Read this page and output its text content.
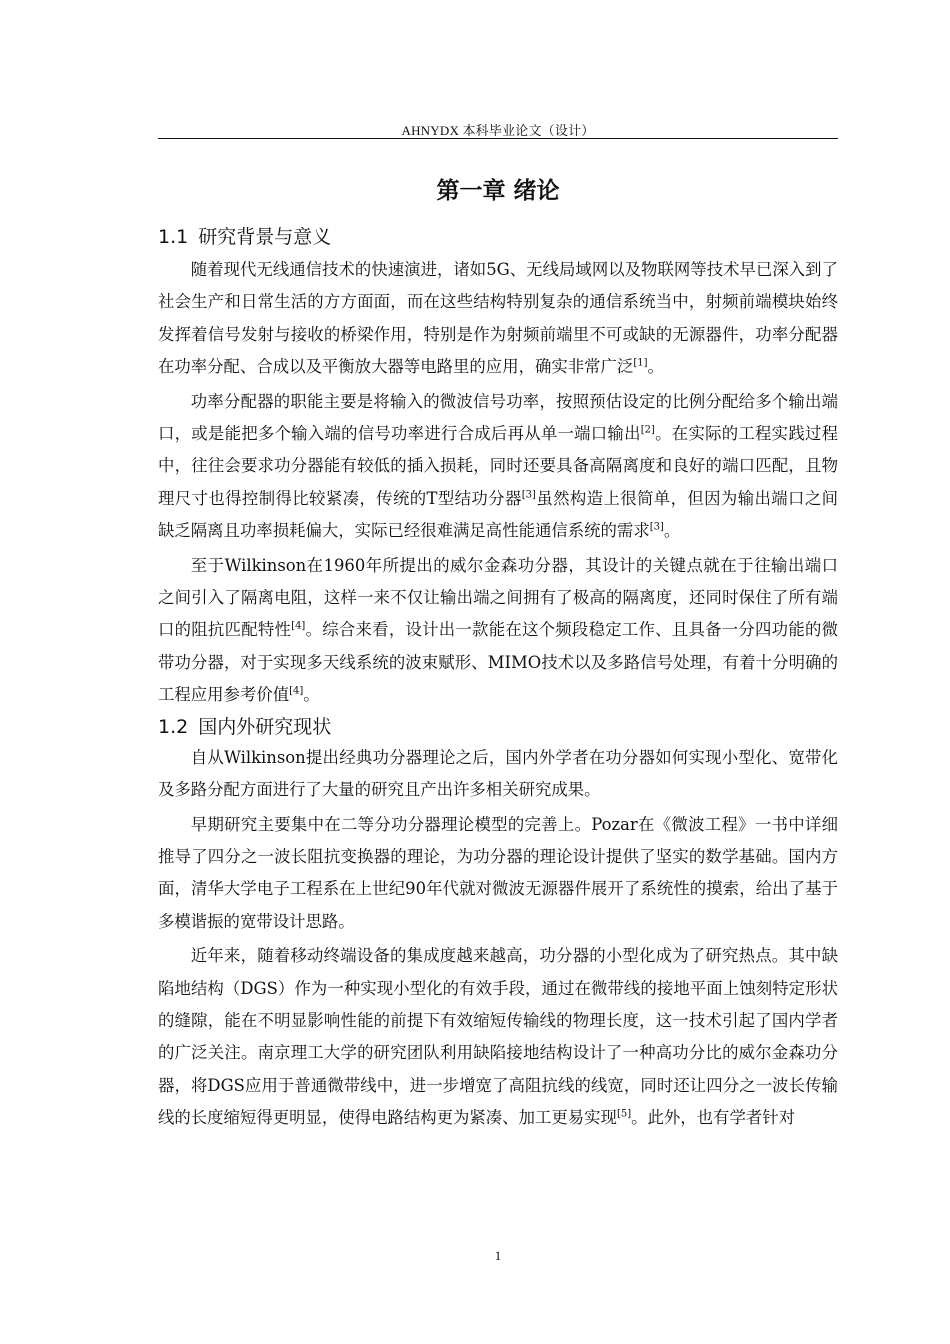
AHNYDX 本科毕业论文（设计）
第一章 绪论
1.1 研究背景与意义

随着现代无线通信技术的快速演进，诸如5G、无线局域网以及物联网等技术早已深入到了社会生产和日常生活的方方面面，而在这些结构特别复杂的通信系统当中，射频前端模块始终发挥着信号发射与接收的桥梁作用，特别是作为射频前端里不可或缺的无源器件，功率分配器在功率分配、合成以及平衡放大器等电路里的应用，确实非常广泛[1]。

功率分配器的职能主要是将输入的微波信号功率，按照预估设定的比例分配给多个输出端口，或是能把多个输入端的信号功率进行合成后再从单一端口输出[2]。在实际的工程实践过程中，往往会要求功分器能有较低的插入损耗，同时还要具备高隔离度和良好的端口匹配，且物理尺寸也得控制得比较紧凑，传统的T型结功分器[3]虽然构造上很简单，但因为输出端口之间缺乏隔离且功率损耗偏大，实际已经很难满足高性能通信系统的需求[3]。

至于Wilkinson在1960年所提出的威尔金森功分器，其设计的关键点就在于往输出端口之间引入了隔离电阻，这样一来不仅让输出端之间拥有了极高的隔离度，还同时保住了所有端口的阻抗匹配特性[4]。综合来看，设计出一款能在这个频段稳定工作、且具备一分四功能的微带功分器，对于实现多天线系统的波束赋形、MIMO技术以及多路信号处理，有着十分明确的工程应用参考价值[4]。

1.2 国内外研究现状

自从Wilkinson提出经典功分器理论之后，国内外学者在功分器如何实现小型化、宽带化及多路分配方面进行了大量的研究且产出许多相关研究成果。

早期研究主要集中在二等分功分器理论模型的完善上。Pozar在《微波工程》一书中详细推导了四分之一波长阻抗变换器的理论，为功分器的理论设计提供了坚实的数学基础。国内方面，清华大学电子工程系在上世纪90年代就对微波无源器件展开了系统性的摸索，给出了基于多模谐振的宽带设计思路。

近年来，随着移动终端设备的集成度越来越高，功分器的小型化成为了研究热点。其中缺陷地结构（DGS）作为一种实现小型化的有效手段，通过在微带线的接地平面上蚀刻特定形状的缝隙，能在不明显影响性能的前提下有效缩短传输线的物理长度，这一技术引起了国内学者的广泛关注。南京理工大学的研究团队利用缺陷接地结构设计了一种高功分比的威尔金森功分器，将DGS应用于普通微带线中，进一步增宽了高阻抗线的线宽，同时还让四分之一波长传输线的长度缩短得更明显，使得电路结构更为紧凑、加工更易实现[5]。此外，也有学者针对

1
